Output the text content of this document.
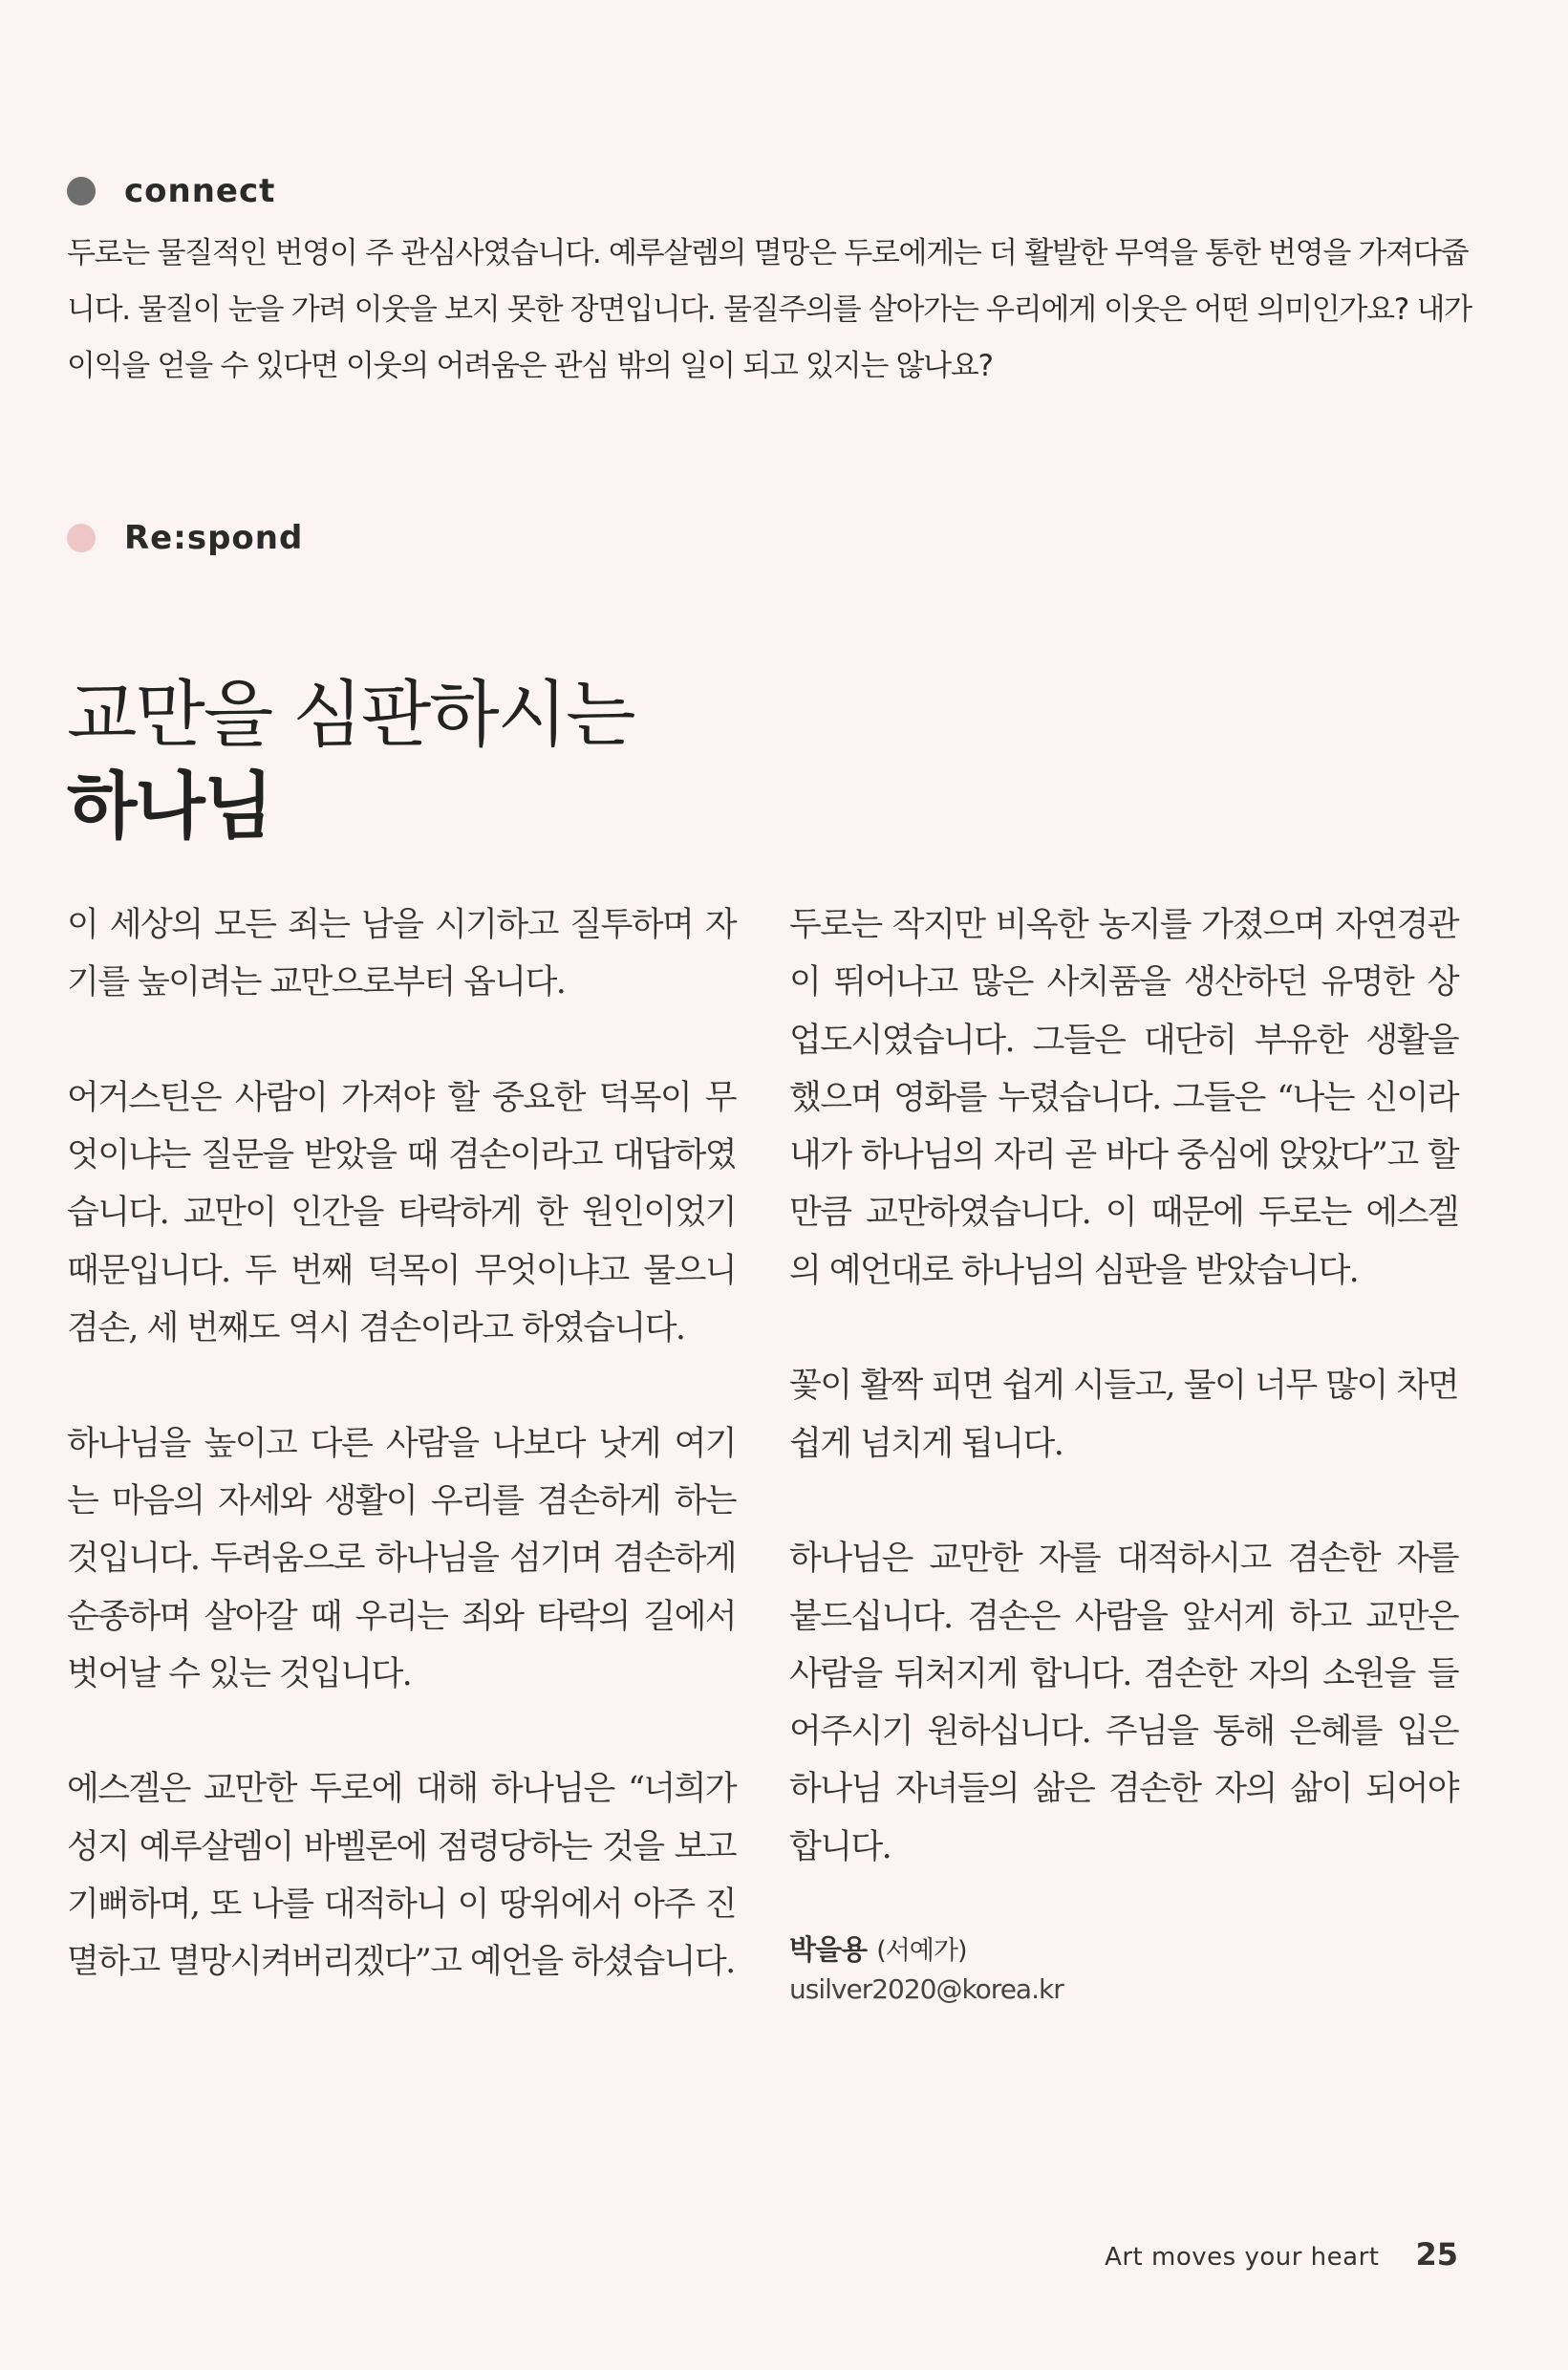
connect

두로는 물질적인 번영이 주 관심사였습니다. 예루살렘의 멸망은 두로에게는 더 활발한 무역을 통한 번영을 가져다줍니다. 물질이 눈을 가려 이웃을 보지 못한 장면입니다. 물질주의를 살아가는 우리에게 이웃은 어떤 의미인가요? 내가 이익을 얻을 수 있다면 이웃의 어려움은 관심 밖의 일이 되고 있지는 않나요?

Re:spond
교만을 심판하시는
하나님

이 세상의 모든 죄는 남을 시기하고 질투하며 자기를 높이려는 교만으로부터 옵니다.

어거스틴은 사람이 가져야 할 중요한 덕목이 무엇이냐는 질문을 받았을 때 겸손이라고 대답하였습니다. 교만이 인간을 타락하게 한 원인이었기 때문입니다. 두 번째 덕목이 무엇이냐고 물으니 겸손, 세 번째도 역시 겸손이라고 하였습니다.

하나님을 높이고 다른 사람을 나보다 낫게 여기는 마음의 자세와 생활이 우리를 겸손하게 하는 것입니다. 두려움으로 하나님을 섬기며 겸손하게 순종하며 살아갈 때 우리는 죄와 타락의 길에서 벗어날 수 있는 것입니다.

에스겔은 교만한 두로에 대해 하나님은 “너희가 성지 예루살렘이 바벨론에 점령당하는 것을 보고 기뻐하며, 또 나를 대적하니 이 땅위에서 아주 진멸하고 멸망시켜버리겠다”고 예언을 하셨습니다.

두로는 작지만 비옥한 농지를 가졌으며 자연경관이 뛰어나고 많은 사치품을 생산하던 유명한 상업도시였습니다. 그들은 대단히 부유한 생활을 했으며 영화를 누렸습니다. 그들은 “나는 신이라 내가 하나님의 자리 곧 바다 중심에 앉았다”고 할 만큼 교만하였습니다. 이 때문에 두로는 에스겔의 예언대로 하나님의 심판을 받았습니다.

꽃이 활짝 피면 쉽게 시들고, 물이 너무 많이 차면 쉽게 넘치게 됩니다.

하나님은 교만한 자를 대적하시고 겸손한 자를 붙드십니다. 겸손은 사람을 앞서게 하고 교만은 사람을 뒤처지게 합니다. 겸손한 자의 소원을 들어주시기 원하십니다. 주님을 통해 은혜를 입은 하나님 자녀들의 삶은 겸손한 자의 삶이 되어야 합니다.

박을용 (서예가)
usilver2020@korea.kr
Art moves your heart 25
